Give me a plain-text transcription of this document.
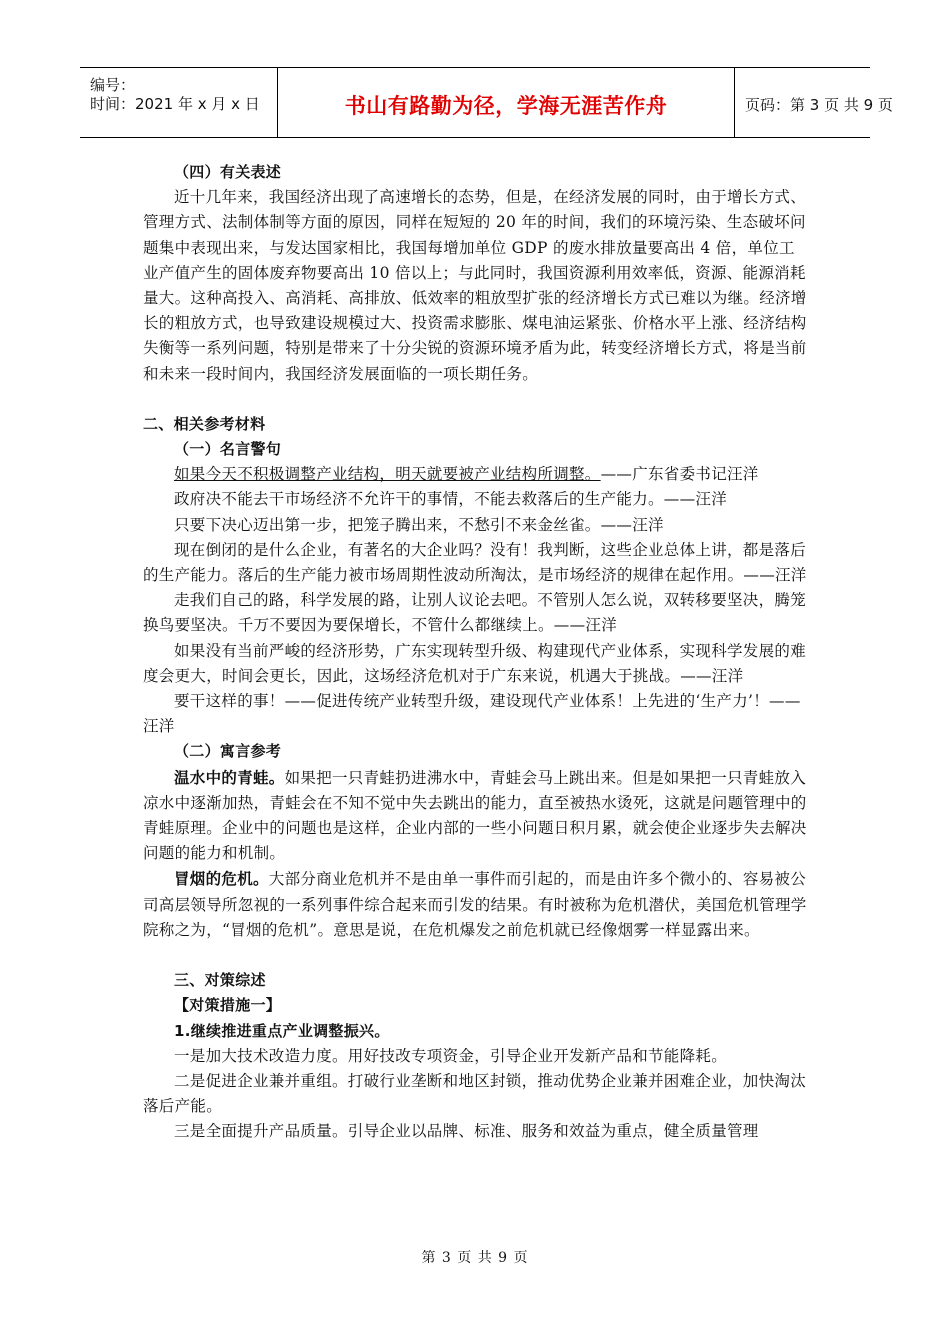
编号：
时间：2021 年 x 月 x 日	书山有路勤为径，学海无涯苦作舟	页码：第 3 页 共 9 页

（四）有关表述

近十几年来，我国经济出现了高速增长的态势，但是，在经济发展的同时，由于增长方式、管理方式、法制体制等方面的原因，同样在短短的 20 年的时间，我们的环境污染、生态破坏问题集中表现出来，与发达国家相比，我国每增加单位 GDP 的废水排放量要高出 4 倍，单位工业产值产生的固体废弃物要高出 10 倍以上；与此同时，我国资源利用效率低，资源、能源消耗量大。这种高投入、高消耗、高排放、低效率的粗放型扩张的经济增长方式已难以为继。经济增长的粗放方式，也导致建设规模过大、投资需求膨胀、煤电油运紧张、价格水平上涨、经济结构失衡等一系列问题，特别是带来了十分尖锐的资源环境矛盾为此，转变经济增长方式，将是当前和未来一段时间内，我国经济发展面临的一项长期任务。

二、相关参考材料

（一）名言警句

如果今天不积极调整产业结构，明天就要被产业结构所调整。——广东省委书记汪洋

政府决不能去干市场经济不允许干的事情，不能去救落后的生产能力。——汪洋

只要下决心迈出第一步，把笼子腾出来，不愁引不来金丝雀。——汪洋

现在倒闭的是什么企业，有著名的大企业吗？没有！我判断，这些企业总体上讲，都是落后的生产能力。落后的生产能力被市场周期性波动所淘汰，是市场经济的规律在起作用。——汪洋

走我们自己的路，科学发展的路，让别人议论去吧。不管别人怎么说，双转移要坚决，腾笼换鸟要坚决。千万不要因为要保增长，不管什么都继续上。——汪洋

如果没有当前严峻的经济形势，广东实现转型升级、构建现代产业体系，实现科学发展的难度会更大，时间会更长，因此，这场经济危机对于广东来说，机遇大于挑战。——汪洋

要干这样的事！——促进传统产业转型升级，建设现代产业体系！上先进的‘生产力’！——汪洋

（二）寓言参考

温水中的青蛙。如果把一只青蛙扔进沸水中，青蛙会马上跳出来。但是如果把一只青蛙放入凉水中逐渐加热，青蛙会在不知不觉中失去跳出的能力，直至被热水烫死，这就是问题管理中的青蛙原理。企业中的问题也是这样，企业内部的一些小问题日积月累，就会使企业逐步失去解决问题的能力和机制。

冒烟的危机。大部分商业危机并不是由单一事件而引起的，而是由许多个微小的、容易被公司高层领导所忽视的一系列事件综合起来而引发的结果。有时被称为危机潜伏，美国危机管理学院称之为，“冒烟的危机”。意思是说，在危机爆发之前危机就已经像烟雾一样显露出来。

三、对策综述

【对策措施一】

1.继续推进重点产业调整振兴。

一是加大技术改造力度。用好技改专项资金，引导企业开发新产品和节能降耗。

二是促进企业兼并重组。打破行业垄断和地区封锁，推动优势企业兼并困难企业，加快淘汰落后产能。

三是全面提升产品质量。引导企业以品牌、标准、服务和效益为重点，健全质量管理

第 3 页 共 9 页
